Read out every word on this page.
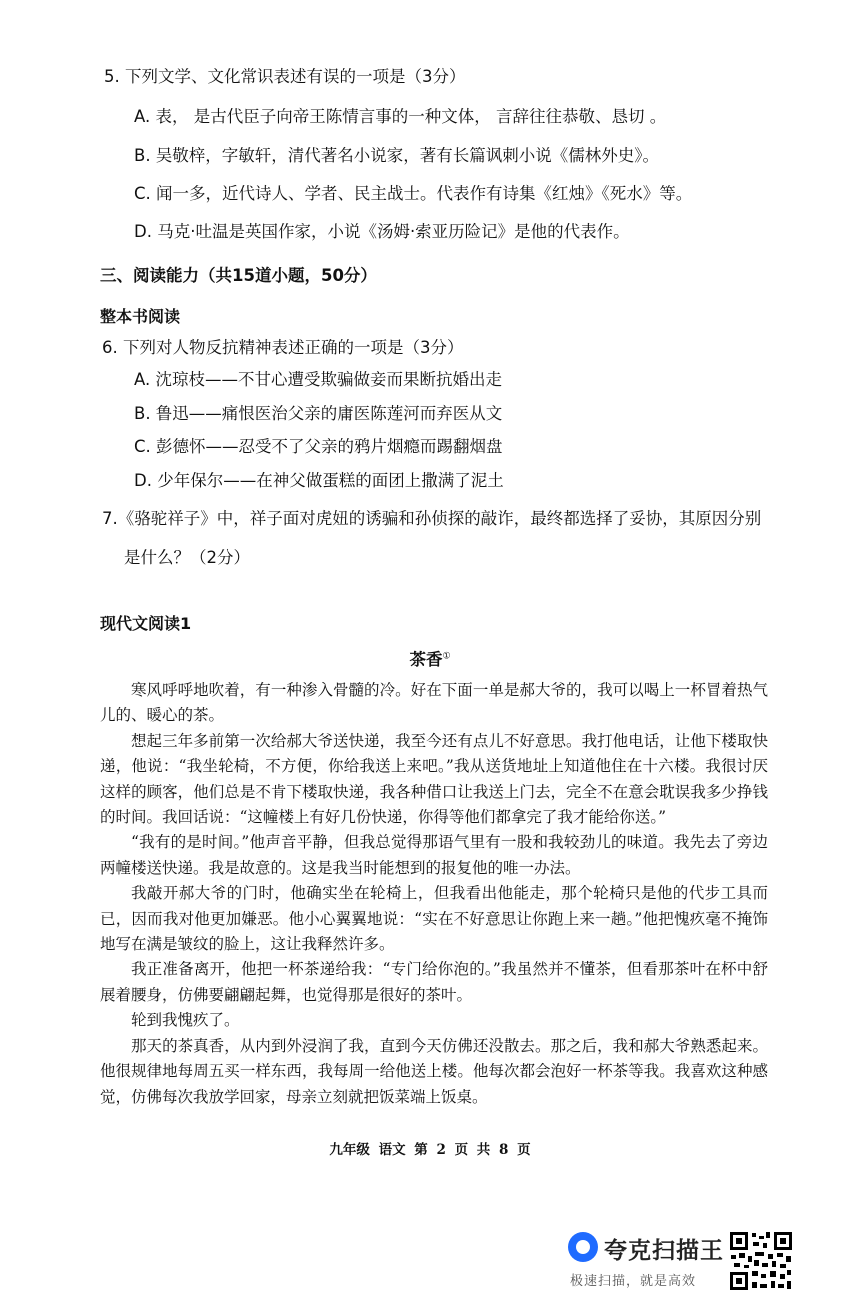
5. 下列文学、文化常识表述有误的一项是（3分）
A. 表， 是古代臣子向帝王陈情言事的一种文体， 言辞往往恭敬、恳切 。
B. 吴敬梓，字敏轩，清代著名小说家，著有长篇讽刺小说《儒林外史》。
C. 闻一多，近代诗人、学者、民主战士。代表作有诗集《红烛》《死水》等。
D. 马克·吐温是英国作家，小说《汤姆·索亚历险记》是他的代表作。
三、阅读能力（共15道小题，50分）
整本书阅读
6. 下列对人物反抗精神表述正确的一项是（3分）
A. 沈琼枝——不甘心遭受欺骗做妾而果断抗婚出走
B. 鲁迅——痛恨医治父亲的庸医陈莲河而弃医从文
C. 彭德怀——忍受不了父亲的鸦片烟瘾而踢翻烟盘
D. 少年保尔——在神父做蛋糕的面团上撒满了泥土
7.《骆驼祥子》中，祥子面对虎妞的诱骗和孙侦探的敲诈，最终都选择了妥协，其原因分别
是什么？（2分）
现代文阅读1
茶香①

寒风呼呼地吹着，有一种渗入骨髓的冷。好在下面一单是郝大爷的，我可以喝上一杯冒着热气儿的、暖心的茶。

想起三年多前第一次给郝大爷送快递，我至今还有点儿不好意思。我打他电话，让他下楼取快递，他说：“我坐轮椅，不方便，你给我送上来吧。”我从送货地址上知道他住在十六楼。我很讨厌这样的顾客，他们总是不肯下楼取快递，我各种借口让我送上门去，完全不在意会耽误我多少挣钱的时间。我回话说：“这幢楼上有好几份快递，你得等他们都拿完了我才能给你送。”

“我有的是时间。”他声音平静，但我总觉得那语气里有一股和我较劲儿的味道。我先去了旁边两幢楼送快递。我是故意的。这是我当时能想到的报复他的唯一办法。

我敲开郝大爷的门时，他确实坐在轮椅上，但我看出他能走，那个轮椅只是他的代步工具而已，因而我对他更加嫌恶。他小心翼翼地说：“实在不好意思让你跑上来一趟。”他把愧疚毫不掩饰地写在满是皱纹的脸上，这让我释然许多。

我正准备离开，他把一杯茶递给我：“专门给你泡的。”我虽然并不懂茶，但看那茶叶在杯中舒展着腰身，仿佛要翩翩起舞，也觉得那是很好的茶叶。

轮到我愧疚了。

那天的茶真香，从内到外浸润了我，直到今天仿佛还没散去。那之后，我和郝大爷熟悉起来。他很规律地每周五买一样东西，我每周一给他送上楼。他每次都会泡好一杯茶等我。我喜欢这种感觉，仿佛每次我放学回家，母亲立刻就把饭菜端上饭桌。

九年级 语文 第 2 页 共 8 页
夸克扫描王
极速扫描，就是高效
